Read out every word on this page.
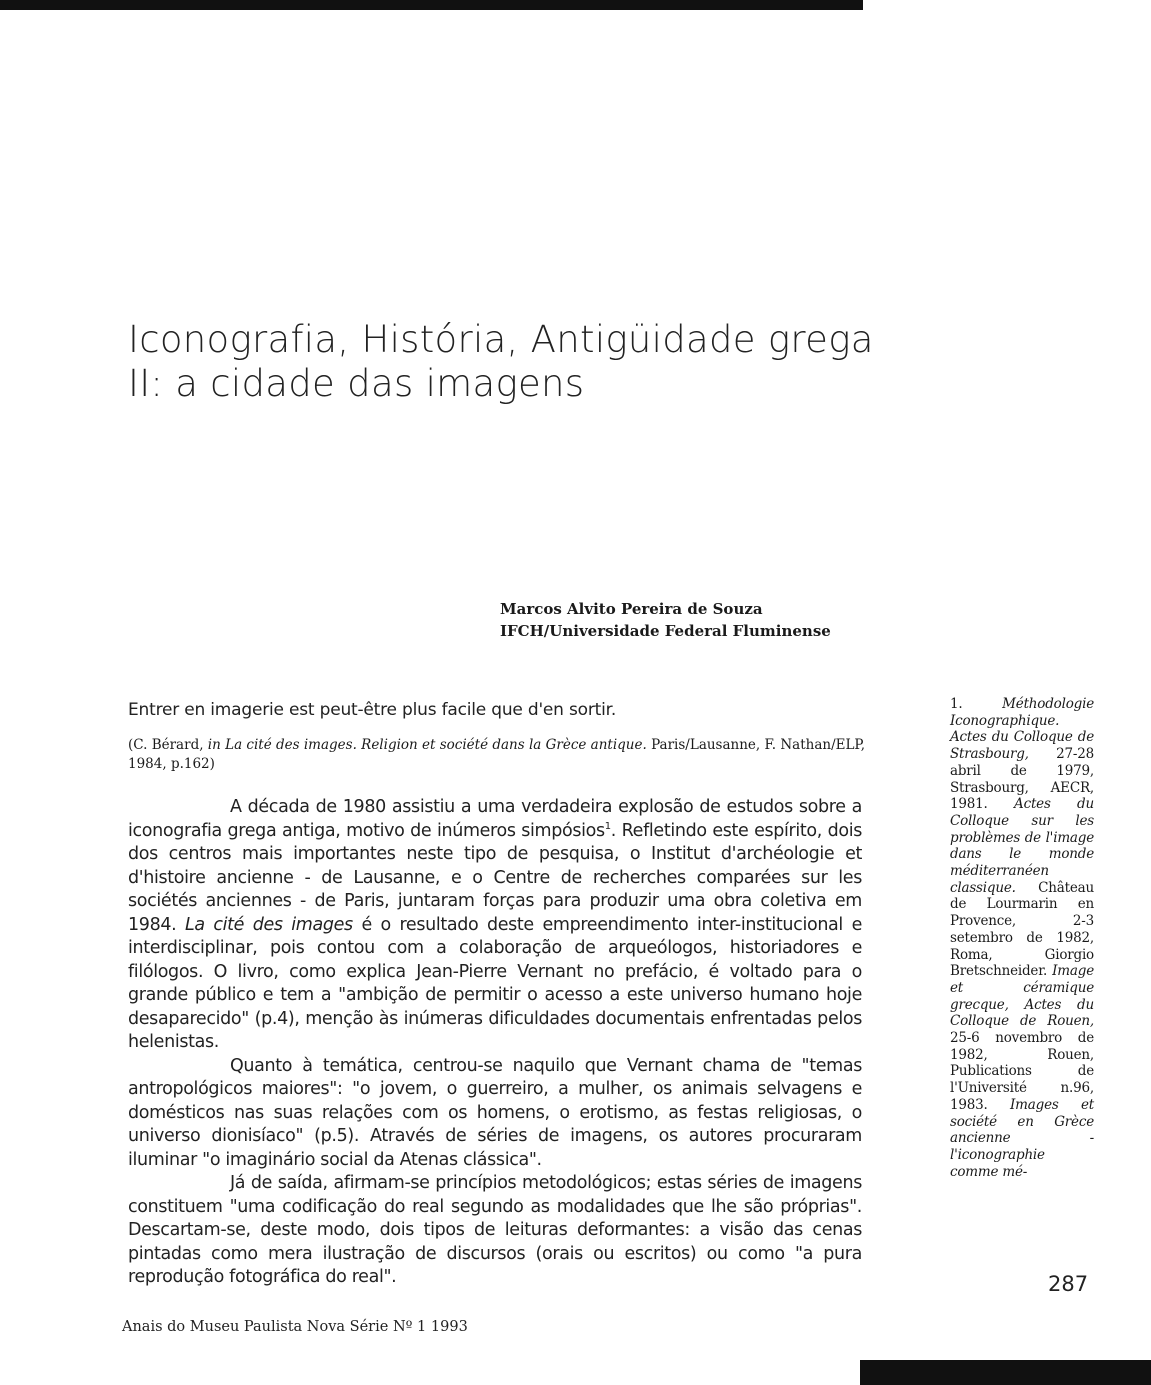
Iconografia, História, Antigüidade grega
II: a cidade das imagens
Marcos Alvito Pereira de Souza
IFCH/Universidade Federal Fluminense
Entrer en imagerie est peut-être plus facile que d'en sortir.
(C. Bérard, in La cité des images. Religion et société dans la Grèce antique. Paris/Lausanne, F. Nathan/ELP, 1984, p.162)

A década de 1980 assistiu a uma verdadeira explosão de estudos sobre a iconografia grega antiga, motivo de inúmeros simpósios$^1$. Refletindo este espírito, dois dos centros mais importantes neste tipo de pesquisa, o Institut d'archéologie et d'histoire ancienne - de Lausanne, e o Centre de recherches comparées sur les sociétés anciennes - de Paris, juntaram forças para produzir uma obra coletiva em 1984. La cité des images é o resultado deste empreendimento inter-institucional e interdisciplinar, pois contou com a colaboração de arqueólogos, historiadores e filólogos. O livro, como explica Jean-Pierre Vernant no prefácio, é voltado para o grande público e tem a "ambição de permitir o acesso a este universo humano hoje desaparecido" (p.4), menção às inúmeras dificuldades documentais enfrentadas pelos helenistas.

Quanto à temática, centrou-se naquilo que Vernant chama de "temas antropológicos maiores": "o jovem, o guerreiro, a mulher, os animais selvagens e domésticos nas suas relações com os homens, o erotismo, as festas religiosas, o universo dionisíaco" (p.5). Através de séries de imagens, os autores procuraram iluminar "o imaginário social da Atenas clássica".

Já de saída, afirmam-se princípios metodológicos; estas séries de imagens constituem "uma codificação do real segundo as modalidades que lhe são próprias". Descartam-se, deste modo, dois tipos de leituras deformantes: a visão das cenas pintadas como mera ilustração de discursos (orais ou escritos) ou como "a pura reprodução fotográfica do real".

1.	Méthodologie Iconographique. Actes du Colloque de Strasbourg, 27-28 abril de 1979, Strasbourg, AECR, 1981. Actes du Colloque sur les problèmes de l'image dans le monde méditerranéen classique. Château de Lourmarin en Provence, 2-3 setembro de 1982, Roma, Giorgio Bretschneider. Image et céramique grecque, Actes du Colloque de Rouen, 25-6 novembro de 1982, Rouen, Publications de l'Université n.96, 1983. Images et société en Grèce ancienne - l'iconographie comme mé-
287
Anais do Museu Paulista Nova Série Nº 1 1993
